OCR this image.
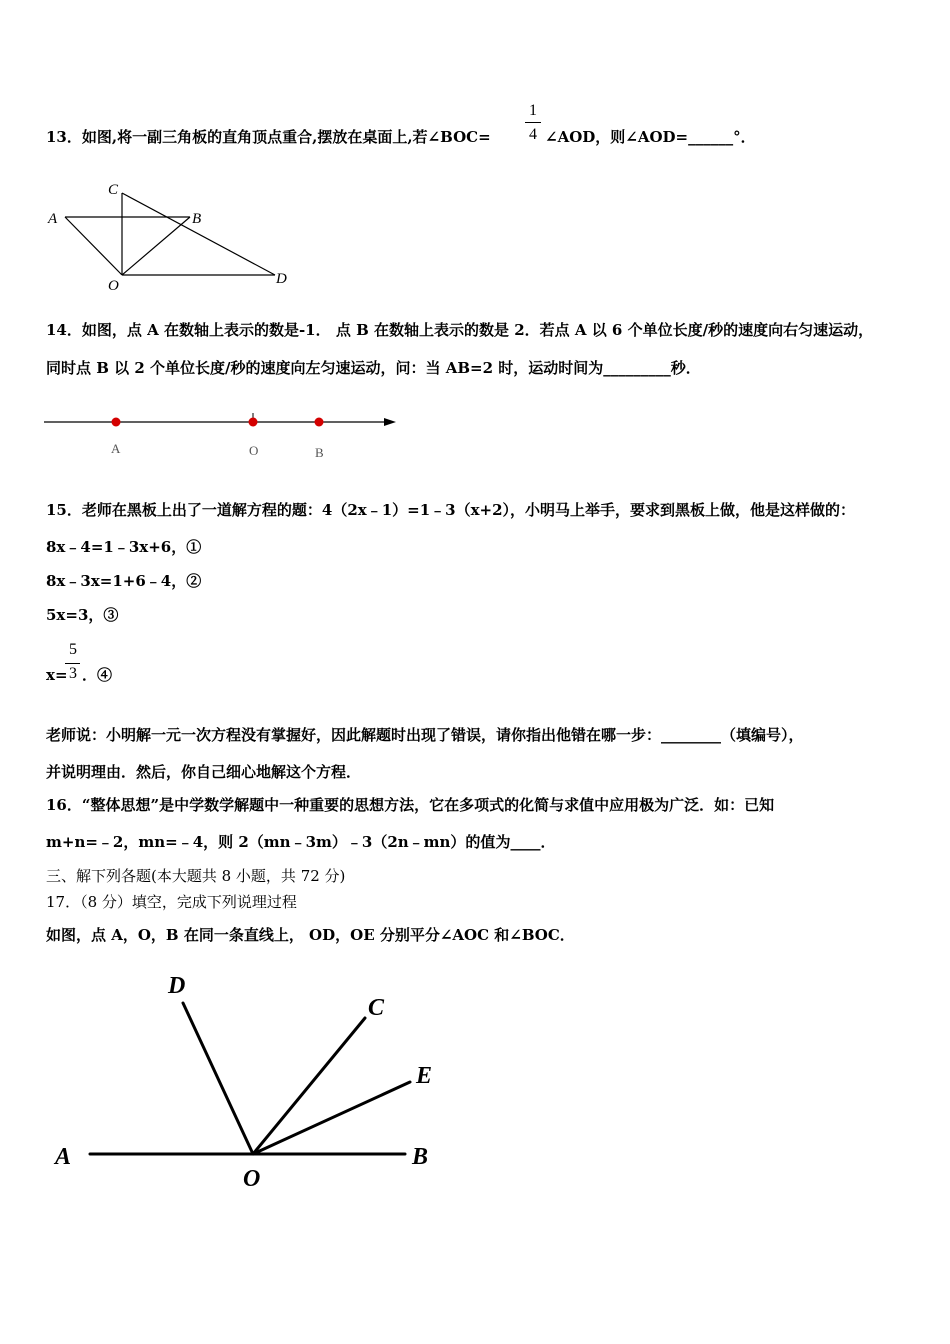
13．如图,将一副三角板的直角顶点重合,摆放在桌面上,若∠BOC=
1
4 ∠AOD，则∠AOD=______°．
A
C
B
O	D
14．如图，点 A 在数轴上表示的数是-1． 点 B 在数轴上表示的数是 2．若点 A 以 6 个单位长度/秒的速度向右匀速运动，
同时点 B 以 2 个单位长度/秒的速度向左匀速运动，问：当 AB=2 时，运动时间为_________秒．
A	O	B
15．老师在黑板上出了一道解方程的题：4（2x﹣1）=1﹣3（x+2），小明马上举手，要求到黑板上做，他是这样做的：
8x﹣4=1﹣3x+6，①
8x﹣3x=1+6﹣4，②
5x=3，③
x=
5
3 ．④
老师说：小明解一元一次方程没有掌握好，因此解题时出现了错误，请你指出他错在哪一步：________（填编号），
并说明理由．然后，你自己细心地解这个方程．
16．“整体思想”是中学数学解题中一种重要的思想方法，它在多项式的化简与求值中应用极为广泛．如：已知
m+n=﹣2，mn=﹣4，则 2（mn﹣3m）﹣3（2n﹣mn）的值为____．
三、解下列各题(本大题共 8 小题，共 72 分)
17．（8 分）填空，完成下列说理过程
如图，点 A，O，B 在同一条直线上， OD，OE 分别平分∠AOC 和∠BOC．
A
D
C
E
B
O
